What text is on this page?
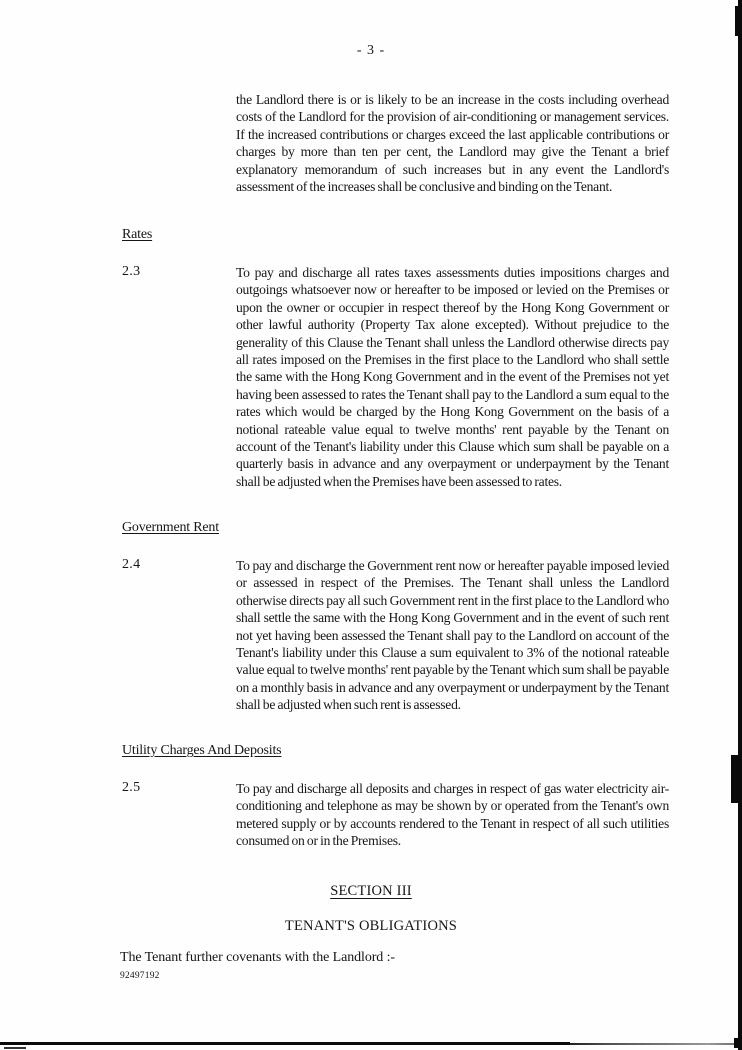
- 3 -
the Landlord there is or is likely to be an increase in the costs including overhead costs of the Landlord for the provision of air-conditioning or management services. If the increased contributions or charges exceed the last applicable contributions or charges by more than ten per cent, the Landlord may give the Tenant a brief explanatory memorandum of such increases but in any event the Landlord's assessment of the increases shall be conclusive and binding on the Tenant.
Rates
2.3	To pay and discharge all rates taxes assessments duties impositions charges and outgoings whatsoever now or hereafter to be imposed or levied on the Premises or upon the owner or occupier in respect thereof by the Hong Kong Government or other lawful authority (Property Tax alone excepted). Without prejudice to the generality of this Clause the Tenant shall unless the Landlord otherwise directs pay all rates imposed on the Premises in the first place to the Landlord who shall settle the same with the Hong Kong Government and in the event of the Premises not yet having been assessed to rates the Tenant shall pay to the Landlord a sum equal to the rates which would be charged by the Hong Kong Government on the basis of a notional rateable value equal to twelve months' rent payable by the Tenant on account of the Tenant's liability under this Clause which sum shall be payable on a quarterly basis in advance and any overpayment or underpayment by the Tenant shall be adjusted when the Premises have been assessed to rates.
Government Rent
2.4	To pay and discharge the Government rent now or hereafter payable imposed levied or assessed in respect of the Premises. The Tenant shall unless the Landlord otherwise directs pay all such Government rent in the first place to the Landlord who shall settle the same with the Hong Kong Government and in the event of such rent not yet having been assessed the Tenant shall pay to the Landlord on account of the Tenant's liability under this Clause a sum equivalent to 3% of the notional rateable value equal to twelve months' rent payable by the Tenant which sum shall be payable on a monthly basis in advance and any overpayment or underpayment by the Tenant shall be adjusted when such rent is assessed.
Utility Charges And Deposits
2.5	To pay and discharge all deposits and charges in respect of gas water electricity air-conditioning and telephone as may be shown by or operated from the Tenant's own metered supply or by accounts rendered to the Tenant in respect of all such utilities consumed on or in the Premises.
SECTION III
TENANT'S OBLIGATIONS
The Tenant further covenants with the Landlord :-
92497192
